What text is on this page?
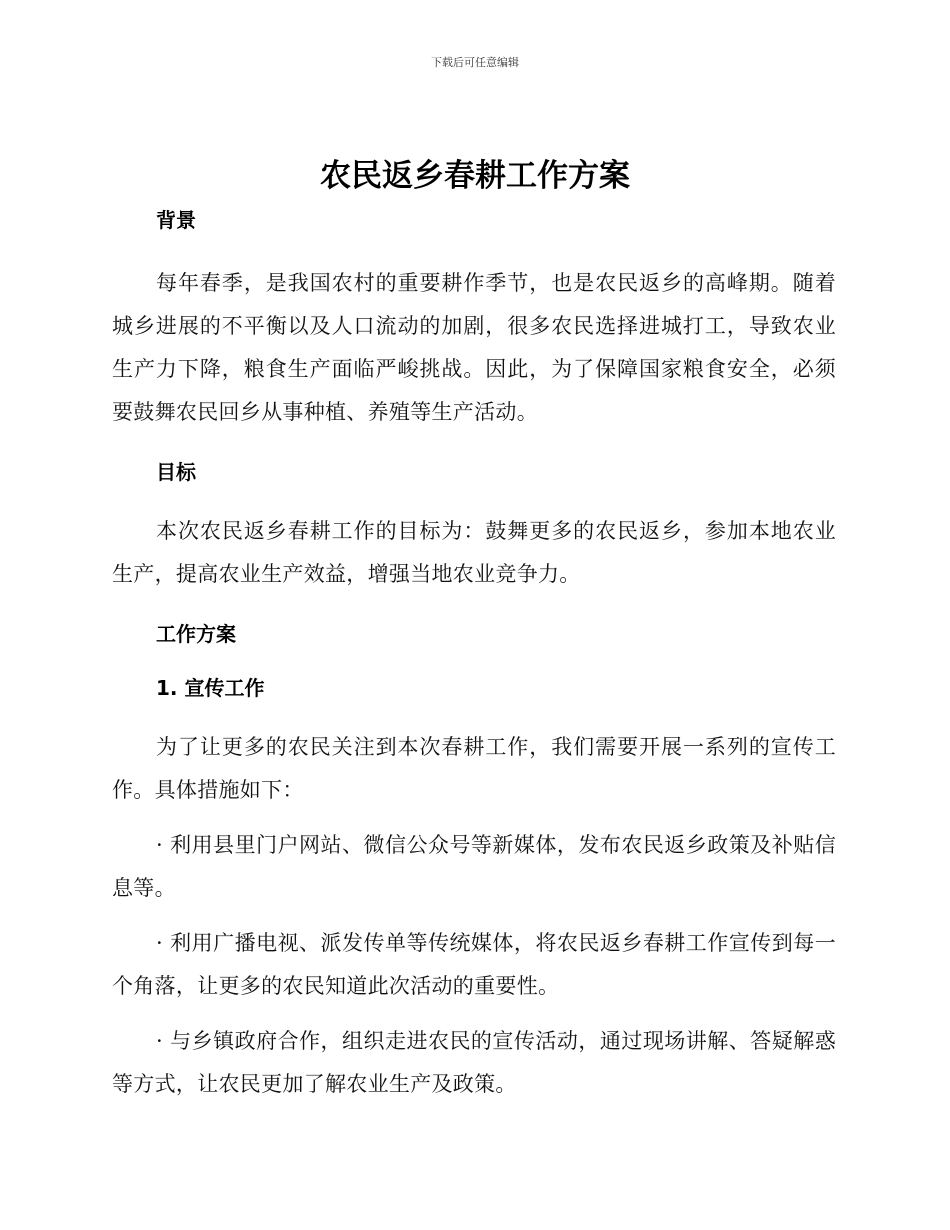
下载后可任意编辑
农民返乡春耕工作方案

背景

每年春季，是我国农村的重要耕作季节，也是农民返乡的高峰期。随着城乡进展的不平衡以及人口流动的加剧，很多农民选择进城打工，导致农业生产力下降，粮食生产面临严峻挑战。因此，为了保障国家粮食安全，必须要鼓舞农民回乡从事种植、养殖等生产活动。

目标

本次农民返乡春耕工作的目标为：鼓舞更多的农民返乡，参加本地农业生产，提高农业生产效益，增强当地农业竞争力。

工作方案

1. 宣传工作

为了让更多的农民关注到本次春耕工作，我们需要开展一系列的宣传工作。具体措施如下：

· 利用县里门户网站、微信公众号等新媒体，发布农民返乡政策及补贴信息等。

· 利用广播电视、派发传单等传统媒体，将农民返乡春耕工作宣传到每一个角落，让更多的农民知道此次活动的重要性。

· 与乡镇政府合作，组织走进农民的宣传活动，通过现场讲解、答疑解惑等方式，让农民更加了解农业生产及政策。
